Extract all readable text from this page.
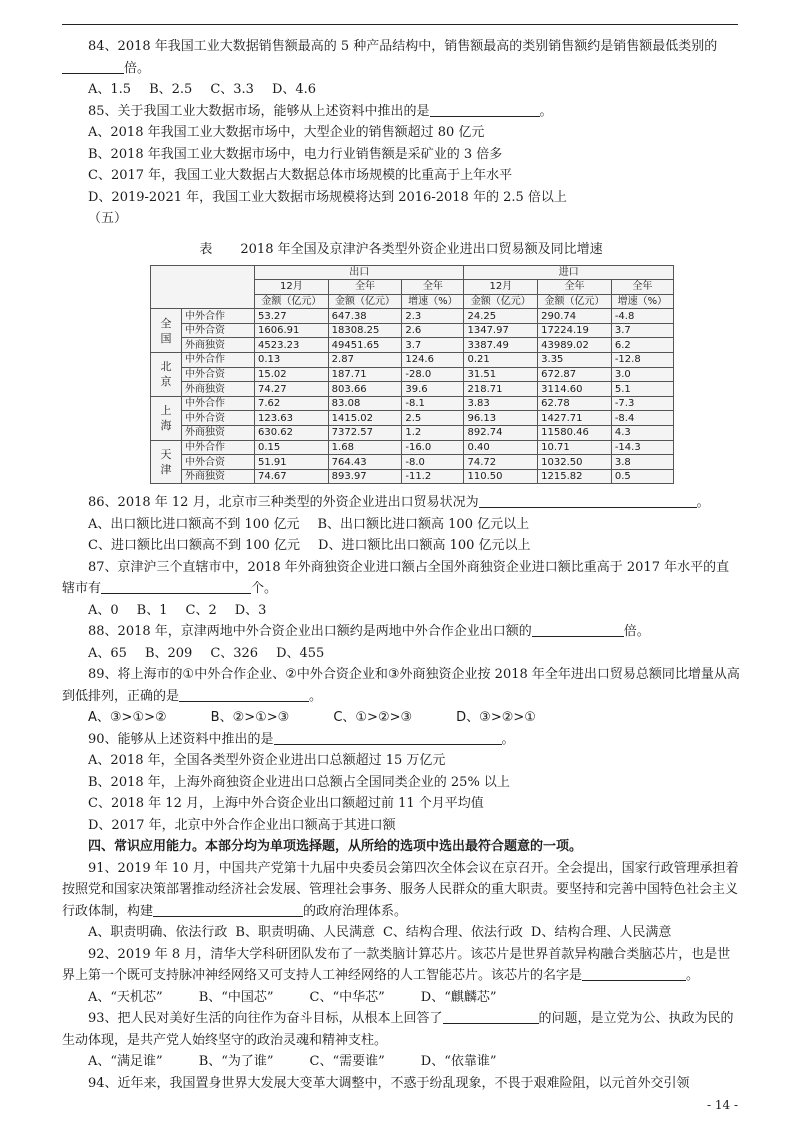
84、2018 年我国工业大数据销售额最高的 5 种产品结构中，销售额最高的类别销售额约是销售额最低类别的倍。

A、1.5 B、2.5 C、3.3 D、4.6

85、关于我国工业大数据市场，能够从上述资料中推出的是	。

A、2018 年我国工业大数据市场中，大型企业的销售额超过 80 亿元

B、2018 年我国工业大数据市场中，电力行业销售额是采矿业的 3 倍多

C、2017 年，我国工业大数据占大数据总体市场规模的比重高于上年水平

D、2019-2021 年，我国工业大数据市场规模将达到 2016-2018 年的 2.5 倍以上

（五）

表 2018 年全国及京津沪各类型外资企业进出口贸易额及同比增速
		出口			进口		
		12月	全年	全年	12月	全年	全年
		金额（亿元）	金额（亿元）	增速（%）	金额（亿元）	金额（亿元）	增速（%）
全
国	中外合作	53.27	647.38	2.3	24.25	290.74	-4.8
	中外合资	1606.91	18308.25	2.6	1347.97	17224.19	3.7
	外商独资	4523.23	49451.65	3.7	3387.49	43989.02	6.2
北
京	中外合作	0.13	2.87	124.6	0.21	3.35	-12.8
	中外合资	15.02	187.71	-28.0	31.51	672.87	3.0
	外商独资	74.27	803.66	39.6	218.71	3114.60	5.1
上
海	中外合作	7.62	83.08	-8.1	3.83	62.78	-7.3
	中外合资	123.63	1415.02	2.5	96.13	1427.71	-8.4
	外商独资	630.62	7372.57	1.2	892.74	11580.46	4.3
天
津	中外合作	0.15	1.68	-16.0	0.40	10.71	-14.3
	中外合资	51.91	764.43	-8.0	74.72	1032.50	3.8
	外商独资	74.67	893.97	-11.2	110.50	1215.82	0.5

86、2018 年 12 月，北京市三种类型的外资企业进出口贸易状况为	。

A、出口额比进口额高不到 100 亿元 B、出口额比进口额高 100 亿元以上

C、进口额比出口额高不到 100 亿元 D、进口额比出口额高 100 亿元以上

87、京津沪三个直辖市中，2018 年外商独资企业进口额占全国外商独资企业进口额比重高于 2017 年水平的直辖市有	个。

A、0 B、1 C、2 D、3

88、2018 年，京津两地中外合资企业出口额约是两地中外合作企业出口额的	倍。

A、65 B、209 C、326 D、455

89、将上海市的①中外合作企业、②中外合资企业和③外商独资企业按 2018 年全年进出口贸易总额同比增量从高到低排列，正确的是	。

A、③>①>②	B、②>①>③	C、①>②>③	D、③>②>①

90、能够从上述资料中推出的是	。

A、2018 年，全国各类型外资企业进出口总额超过 15 万亿元

B、2018 年，上海外商独资企业进出口总额占全国同类企业的 25% 以上

C、2018 年 12 月，上海中外合资企业出口额超过前 11 个月平均值

D、2017 年，北京中外合作企业出口额高于其进口额

四、常识应用能力。本部分均为单项选择题，从所给的选项中选出最符合题意的一项。

91、2019 年 10 月，中国共产党第十九届中央委员会第四次全体会议在京召开。全会提出，国家行政管理承担着按照党和国家决策部署推动经济社会发展、管理社会事务、服务人民群众的重大职责。要坚持和完善中国特色社会主义行政体制，构建	的政府治理体系。

A、职责明确、依法行政 B、职责明确、人民满意 C、结构合理、依法行政 D、结构合理、人民满意

92、2019 年 8 月，清华大学科研团队发布了一款类脑计算芯片。该芯片是世界首款异构融合类脑芯片，也是世界上第一个既可支持脉冲神经网络又可支持人工神经网络的人工智能芯片。该芯片的名字是	。

A、“天机芯”	B、“中国芯”	C、“中华芯”	D、“麒麟芯”

93、把人民对美好生活的向往作为奋斗目标，从根本上回答了	的问题，是立党为公、执政为民的生动体现，是共产党人始终坚守的政治灵魂和精神支柱。

A、“满足谁”	B、“为了谁”	C、“需要谁”	D、“依靠谁”

94、近年来，我国置身世界大发展大变革大调整中，不惑于纷乱现象，不畏于艰难险阻，以元首外交引领

- 14 -
